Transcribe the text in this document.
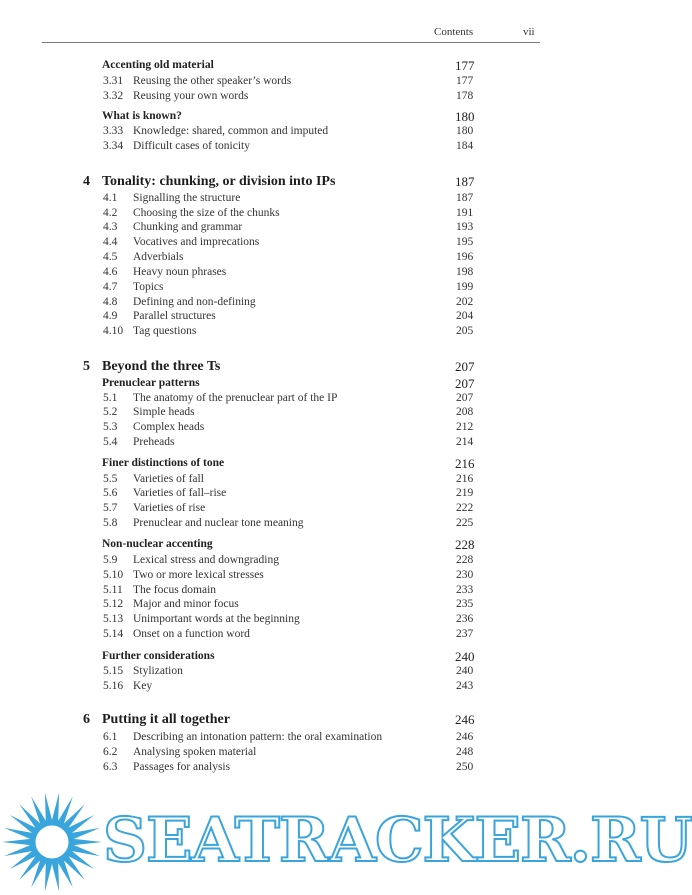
Contents	vii
Accenting old material	177
3.31 Reusing the other speaker’s words	177
3.32 Reusing your own words	178
What is known?	180
3.33 Knowledge: shared, common and imputed	180
3.34 Difficult cases of tonicity	184
4 Tonality: chunking, or division into IPs	187
4.1 Signalling the structure	187
4.2 Choosing the size of the chunks	191
4.3 Chunking and grammar	193
4.4 Vocatives and imprecations	195
4.5 Adverbials	196
4.6 Heavy noun phrases	198
4.7 Topics	199
4.8 Defining and non-defining	202
4.9 Parallel structures	204
4.10 Tag questions	205
5 Beyond the three Ts	207
Prenuclear patterns	207
5.1 The anatomy of the prenuclear part of the IP	207
5.2 Simple heads	208
5.3 Complex heads	212
5.4 Preheads	214
Finer distinctions of tone	216
5.5 Varieties of fall	216
5.6 Varieties of fall–rise	219
5.7 Varieties of rise	222
5.8 Prenuclear and nuclear tone meaning	225
Non-nuclear accenting	228
5.9 Lexical stress and downgrading	228
5.10 Two or more lexical stresses	230
5.11 The focus domain	233
5.12 Major and minor focus	235
5.13 Unimportant words at the beginning	236
5.14 Onset on a function word	237
Further considerations	240
5.15 Stylization	240
5.16 Key	243
6 Putting it all together	246
6.1 Describing an intonation pattern: the oral examination	246
6.2 Analysing spoken material	248
6.3 Passages for analysis	250
SEATRACKER.RU
